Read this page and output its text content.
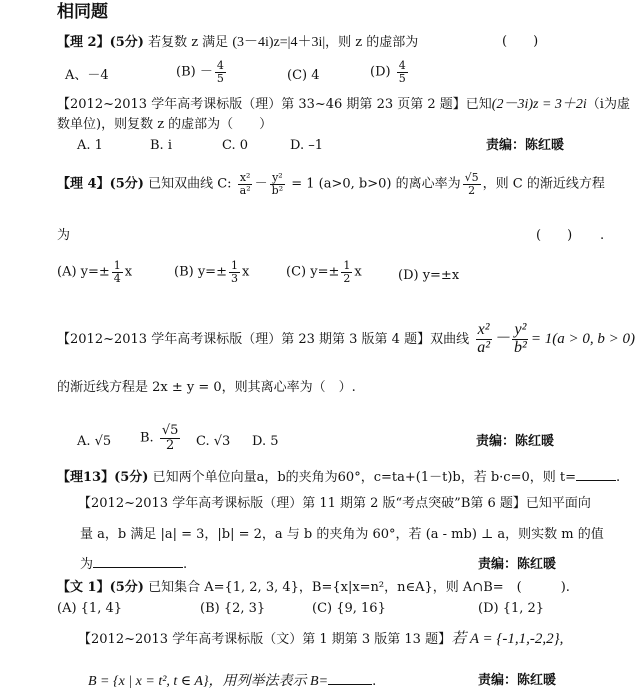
相同题
【理 2】(5分) 若复数 z 满足 (3－4i)z=|4＋3i|，则 z 的虚部为	(　　)
A、－4	$(B) - \frac{4}{5}$	(C) 4	$(D) \frac{4}{5}$
【2012~2013 学年高考课标版（理）第 33~46 期第 23 页第 2 题】已知(2－3i)z = 3＋2i（i为虚
数单位)，则复数 z 的虚部为（　　）
A. 1	B. i	C. 0	D. –1	责编：陈红暖
【理 4】(5分) 已知双曲线 C: $\frac{\text{x²}}{\text{a²}} - \frac{\text{y²}}{\text{b²}} = 1$ (a>0, b>0) 的离心率为 $\frac{√5}{2}$ ，则 C 的渐近线方程
为	(　　) .
(A) $y=\pm \frac{1}{4}$ x	(B) $y=\pm \frac{1}{3}$ x	(C) $y=\pm \frac{1}{2}$ x	(D) y=±x
【2012~2013 学年高考课标版（理）第 23 期第 3 版第 4 题】双曲线 $\frac{\text{x²}}{\text{a²}} - \frac{\text{y²}}{\text{b²}} = 1(a > 0$, b > 0)
的渐近线方程是 2x ± y = 0，则其离心率为（　）.
A. √5 B. $\frac{√5}{2} C$. √3 D. 5	责编：陈红暖
【理13】(5分) 已知两个单位向量a，b的夹角为60°，c=ta+(1－t)b，若 b·c=0，则 t=	.
【2012~2013 学年高考课标版（理）第 11 期第 2 版“考点突破”B第 6 题】已知平面向
量 a，b 满足 |a| = 3，|b| = 2，a 与 b 的夹角为 60°，若 (a - mb) ⊥ a，则实数 m 的值
为	.	责编：陈红暖
【文 1】(5分) 已知集合 A={1, 2, 3, 4}，B={x|x=n²，n∈A}，则 A∩B=　(　　　).
(A) {1, 4}	(B) {2, 3}	(C) {9, 16}	(D) {1, 2}
【2012~2013 学年高考课标版（文）第 1 期第 3 版第 13 题】若 A = {-1,1,-2,2},
B = {x | x = t², t ∈ A}，用列举法表示 B=	.	责编：陈红暖
